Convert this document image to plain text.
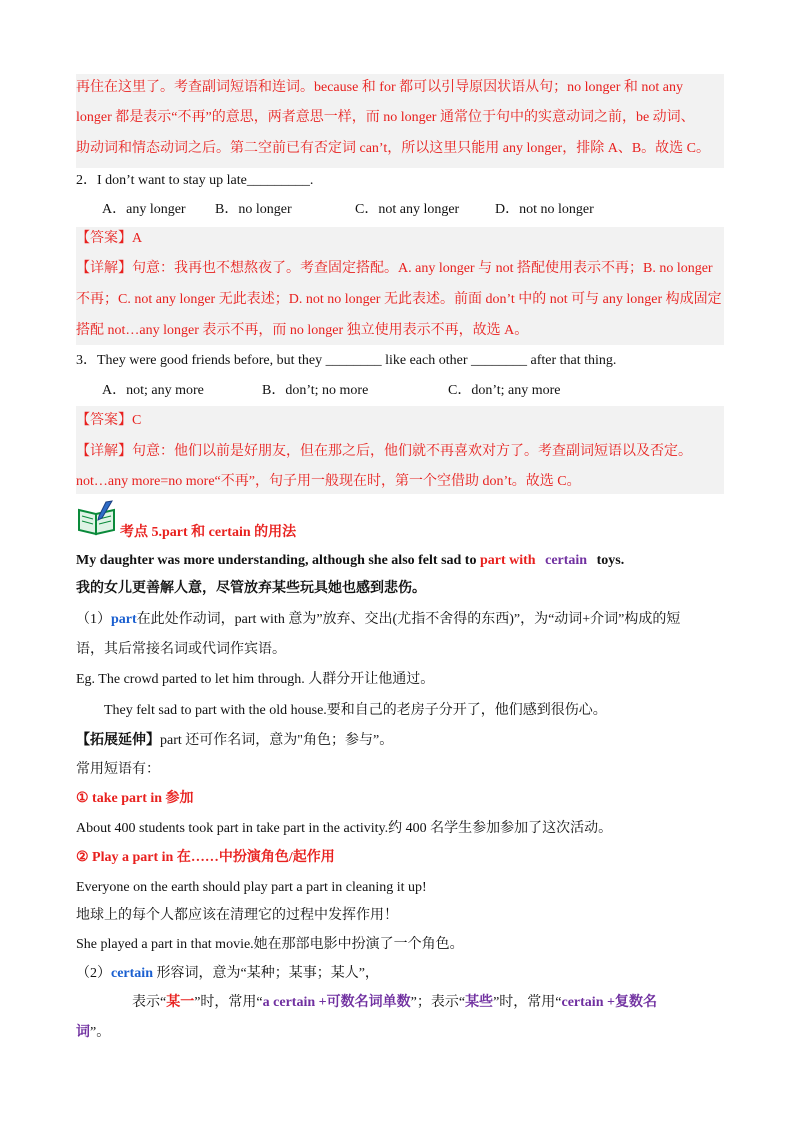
再住在这里了。考查副词短语和连词。because 和 for 都可以引导原因状语从句；no longer 和 not any
longer 都是表示“不再”的意思，两者意思一样，而 no longer 通常位于句中的实意动词之前，be 动词、
助动词和情态动词之后。第二空前已有否定词 can’t，所以这里只能用 any longer，排除 A、B。故选 C。
2．I don’t want to stay up late_________.
A．any longer B．no longer	C．not any longer	D．not no longer
【答案】A
【详解】句意：我再也不想熬夜了。考查固定搭配。A. any longer 与 not 搭配使用表示不再；B. no longer
不再；C. not any longer 无此表述；D. not no longer 无此表述。前面 don’t 中的 not 可与 any longer 构成固定
搭配 not…any longer 表示不再，而 no longer 独立使用表示不再，故选 A。
3．They were good friends before, but they ________ like each other ________ after that thing.
A．not; any more	B．don’t; no more	C．don’t; any more
【答案】C
【详解】句意：他们以前是好朋友，但在那之后，他们就不再喜欢对方了。考查副词短语以及否定。
not…any more=no more“不再”，句子用一般现在时，第一个空借助 don’t。故选 C。
考点 5.part 和 certain 的用法
My daughter was more understanding, although she also felt sad to part with certain toys.
我的女儿更善解人意，尽管放弃某些玩具她也感到悲伤。
（1）part在此处作动词，part with 意为”放弃、交出(尤指不舍得的东西)”，为“动词+介词”构成的短
语，其后常接名词或代词作宾语。
Eg. The crowd parted to let him through. 人群分开让他通过。
They felt sad to part with the old house.要和自己的老房子分开了，他们感到很伤心。
【拓展延伸】part 还可作名词，意为"角色；参与”。
常用短语有：
① take part in 参加
About 400 students took part in take part in the activity.约 400 名学生参加参加了这次活动。
② Play a part in 在……中扮演角色/起作用
Everyone on the earth should play part a part in cleaning it up!
地球上的每个人都应该在清理它的过程中发挥作用！
She played a part in that movie.她在那部电影中扮演了一个角色。
（2）certain 形容词，意为“某种；某事；某人”，
表示“某一”时，常用“a certain +可数名词单数”；表示“某些”时，常用“certain +复数名
词”。
